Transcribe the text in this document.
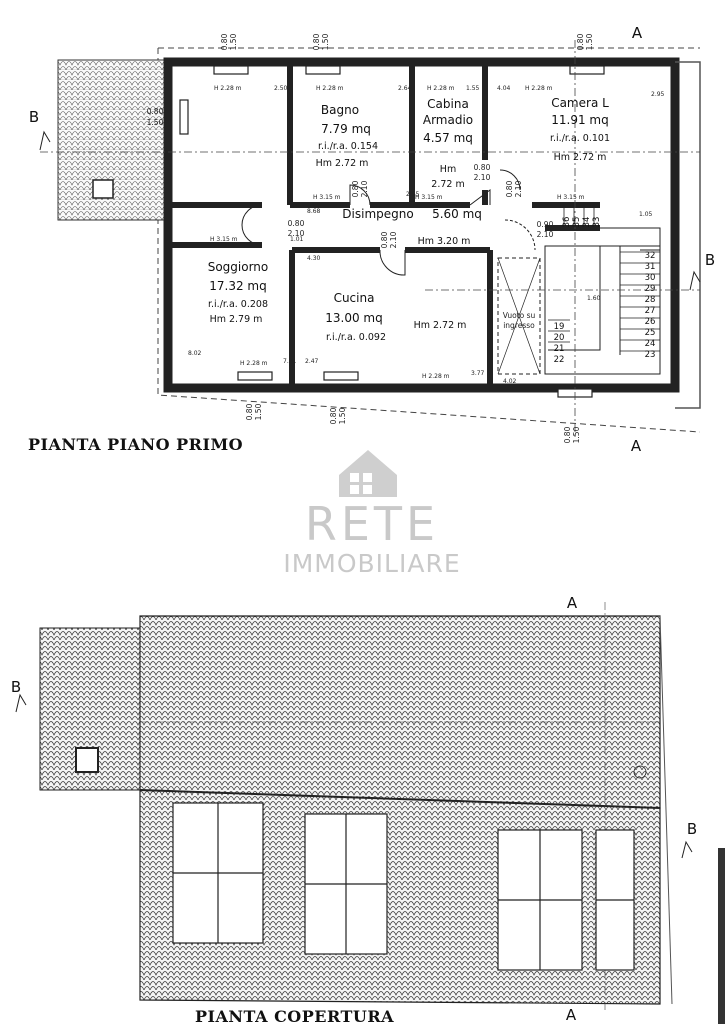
Bagno
7.79 mq
r.i./r.a. 0.154
Hm 2.72 m
Cabina
Armadio
4.57 mq
Hm
2.72 m
Camera L
11.91 mq
r.i./r.a. 0.101
Hm 2.72 m
Disimpegno 5.60 mq
Hm 3.20 m
Soggiorno
17.32 mq
r.i./r.a. 0.208
Hm 2.79 m
Cucina
13.00 mq
r.i./r.a. 0.092
Hm 2.72 m
Vuoto su
ingresso
H 2.28 m	H 2.28 m	H 2.28 m	H 2.28 m
H 3.15 m	H 3.15 m	H 3.15 m
H 3.15 m
H 2.28 m
H 2.28 m
2.50	2.64	1.55	4.04
2.95
8.68
4.30
4.02
8.02
7.21 2.47
3.77
1.05
1.01
2.85
1.60
0.80 1.50	0.80 1.50	0.80 1.50
0.80 1.50	0.80 1.50
0.80 1.50
0.80 2.10
0.80 2.10
0.80 2.10
0.80
1.50
0.80
2.10
0.80
2.10
0.90
2.10
36 35 34 33
32
31
30
29
28
27
26
25
24
23
19
20
21
22
A
A
B
B
PIANTA PIANO PRIMO
RETE
IMMOBILIARE
A
A
B
B
PIANTA COPERTURA
